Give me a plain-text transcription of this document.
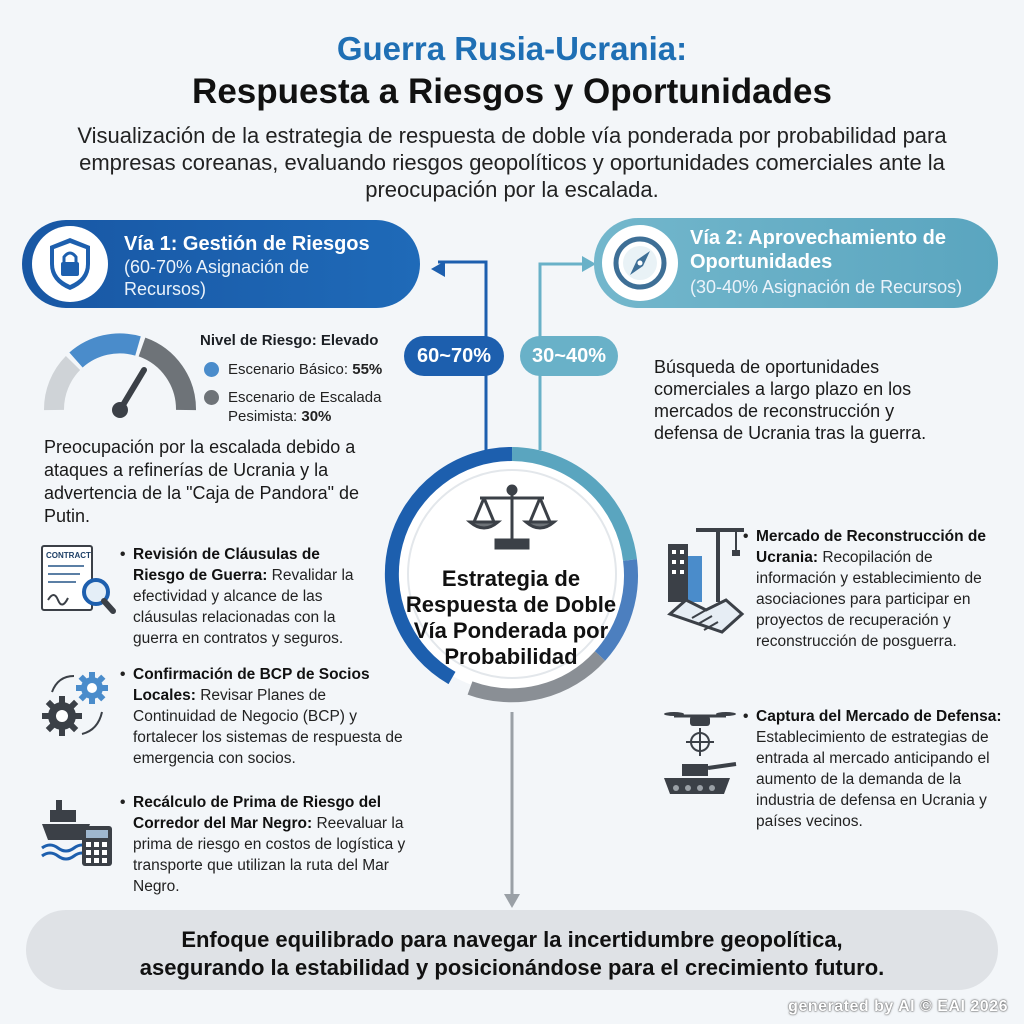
Guerra Rusia-Ucrania:
Respuesta a Riesgos y Oportunidades
Visualización de la estrategia de respuesta de doble vía ponderada por probabilidad para empresas coreanas, evaluando riesgos geopolíticos y oportunidades comerciales ante la preocupación por la escalada.
Vía 1: Gestión de Riesgos
(60-70% Asignación de Recursos)
Vía 2: Aprovechamiento de Oportunidades
(30-40% Asignación de Recursos)
60~70%	30~40%
Nivel de Riesgo: Elevado
Escenario Básico: 55%
Escenario de Escalada Pesimista: 30%
Preocupación por la escalada debido a ataques a refinerías de Ucrania y la advertencia de la "Caja de Pandora" de Putin.
Búsqueda de oportunidades comerciales a largo plazo en los mercados de reconstrucción y defensa de Ucrania tras la guerra.
CONTRACT • Revisión de Cláusulas de Riesgo de Guerra: Revalidar la efectividad y alcance de las cláusulas relacionadas con la guerra en contratos y seguros.
• Confirmación de BCP de Socios Locales: Revisar Planes de Continuidad de Negocio (BCP) y fortalecer los sistemas de respuesta de emergencia con socios.
• Recálculo de Prima de Riesgo del Corredor del Mar Negro: Reevaluar la prima de riesgo en costos de logística y transporte que utilizan la ruta del Mar Negro.
• Mercado de Reconstrucción de Ucrania: Recopilación de información y establecimiento de asociaciones para participar en proyectos de recuperación y reconstrucción de posguerra.
• Captura del Mercado de Defensa: Establecimiento de estrategias de entrada al mercado anticipando el aumento de la demanda de la industria de defensa en Ucrania y países vecinos.
Estrategia de Respuesta de Doble Vía Ponderada por Probabilidad
Enfoque equilibrado para navegar la incertidumbre geopolítica,
asegurando la estabilidad y posicionándose para el crecimiento futuro.
generated by AI © EAI 2026
